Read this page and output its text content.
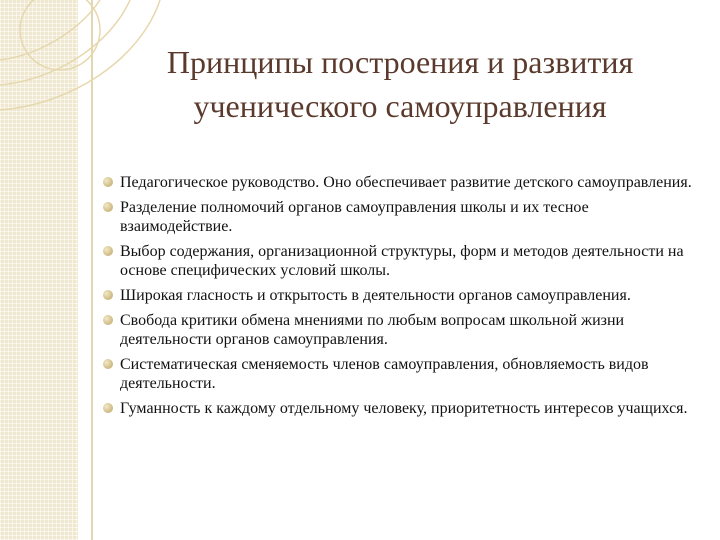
Принципы построения и развития ученического самоуправления
Педагогическое руководство. Оно обеспечивает развитие детского самоуправления.
Разделение полномочий органов самоуправления школы и их тесное взаимодействие.
Выбор содержания, организационной структуры, форм и методов деятельности на основе специфических условий школы.
Широкая гласность и открытость в деятельности органов самоуправления.
Свобода критики обмена мнениями по любым вопросам школьной жизни деятельности органов самоуправления.
Систематическая сменяемость членов самоуправления, обновляемость видов деятельности.
Гуманность к каждому отдельному человеку, приоритетность интересов учащихся.
